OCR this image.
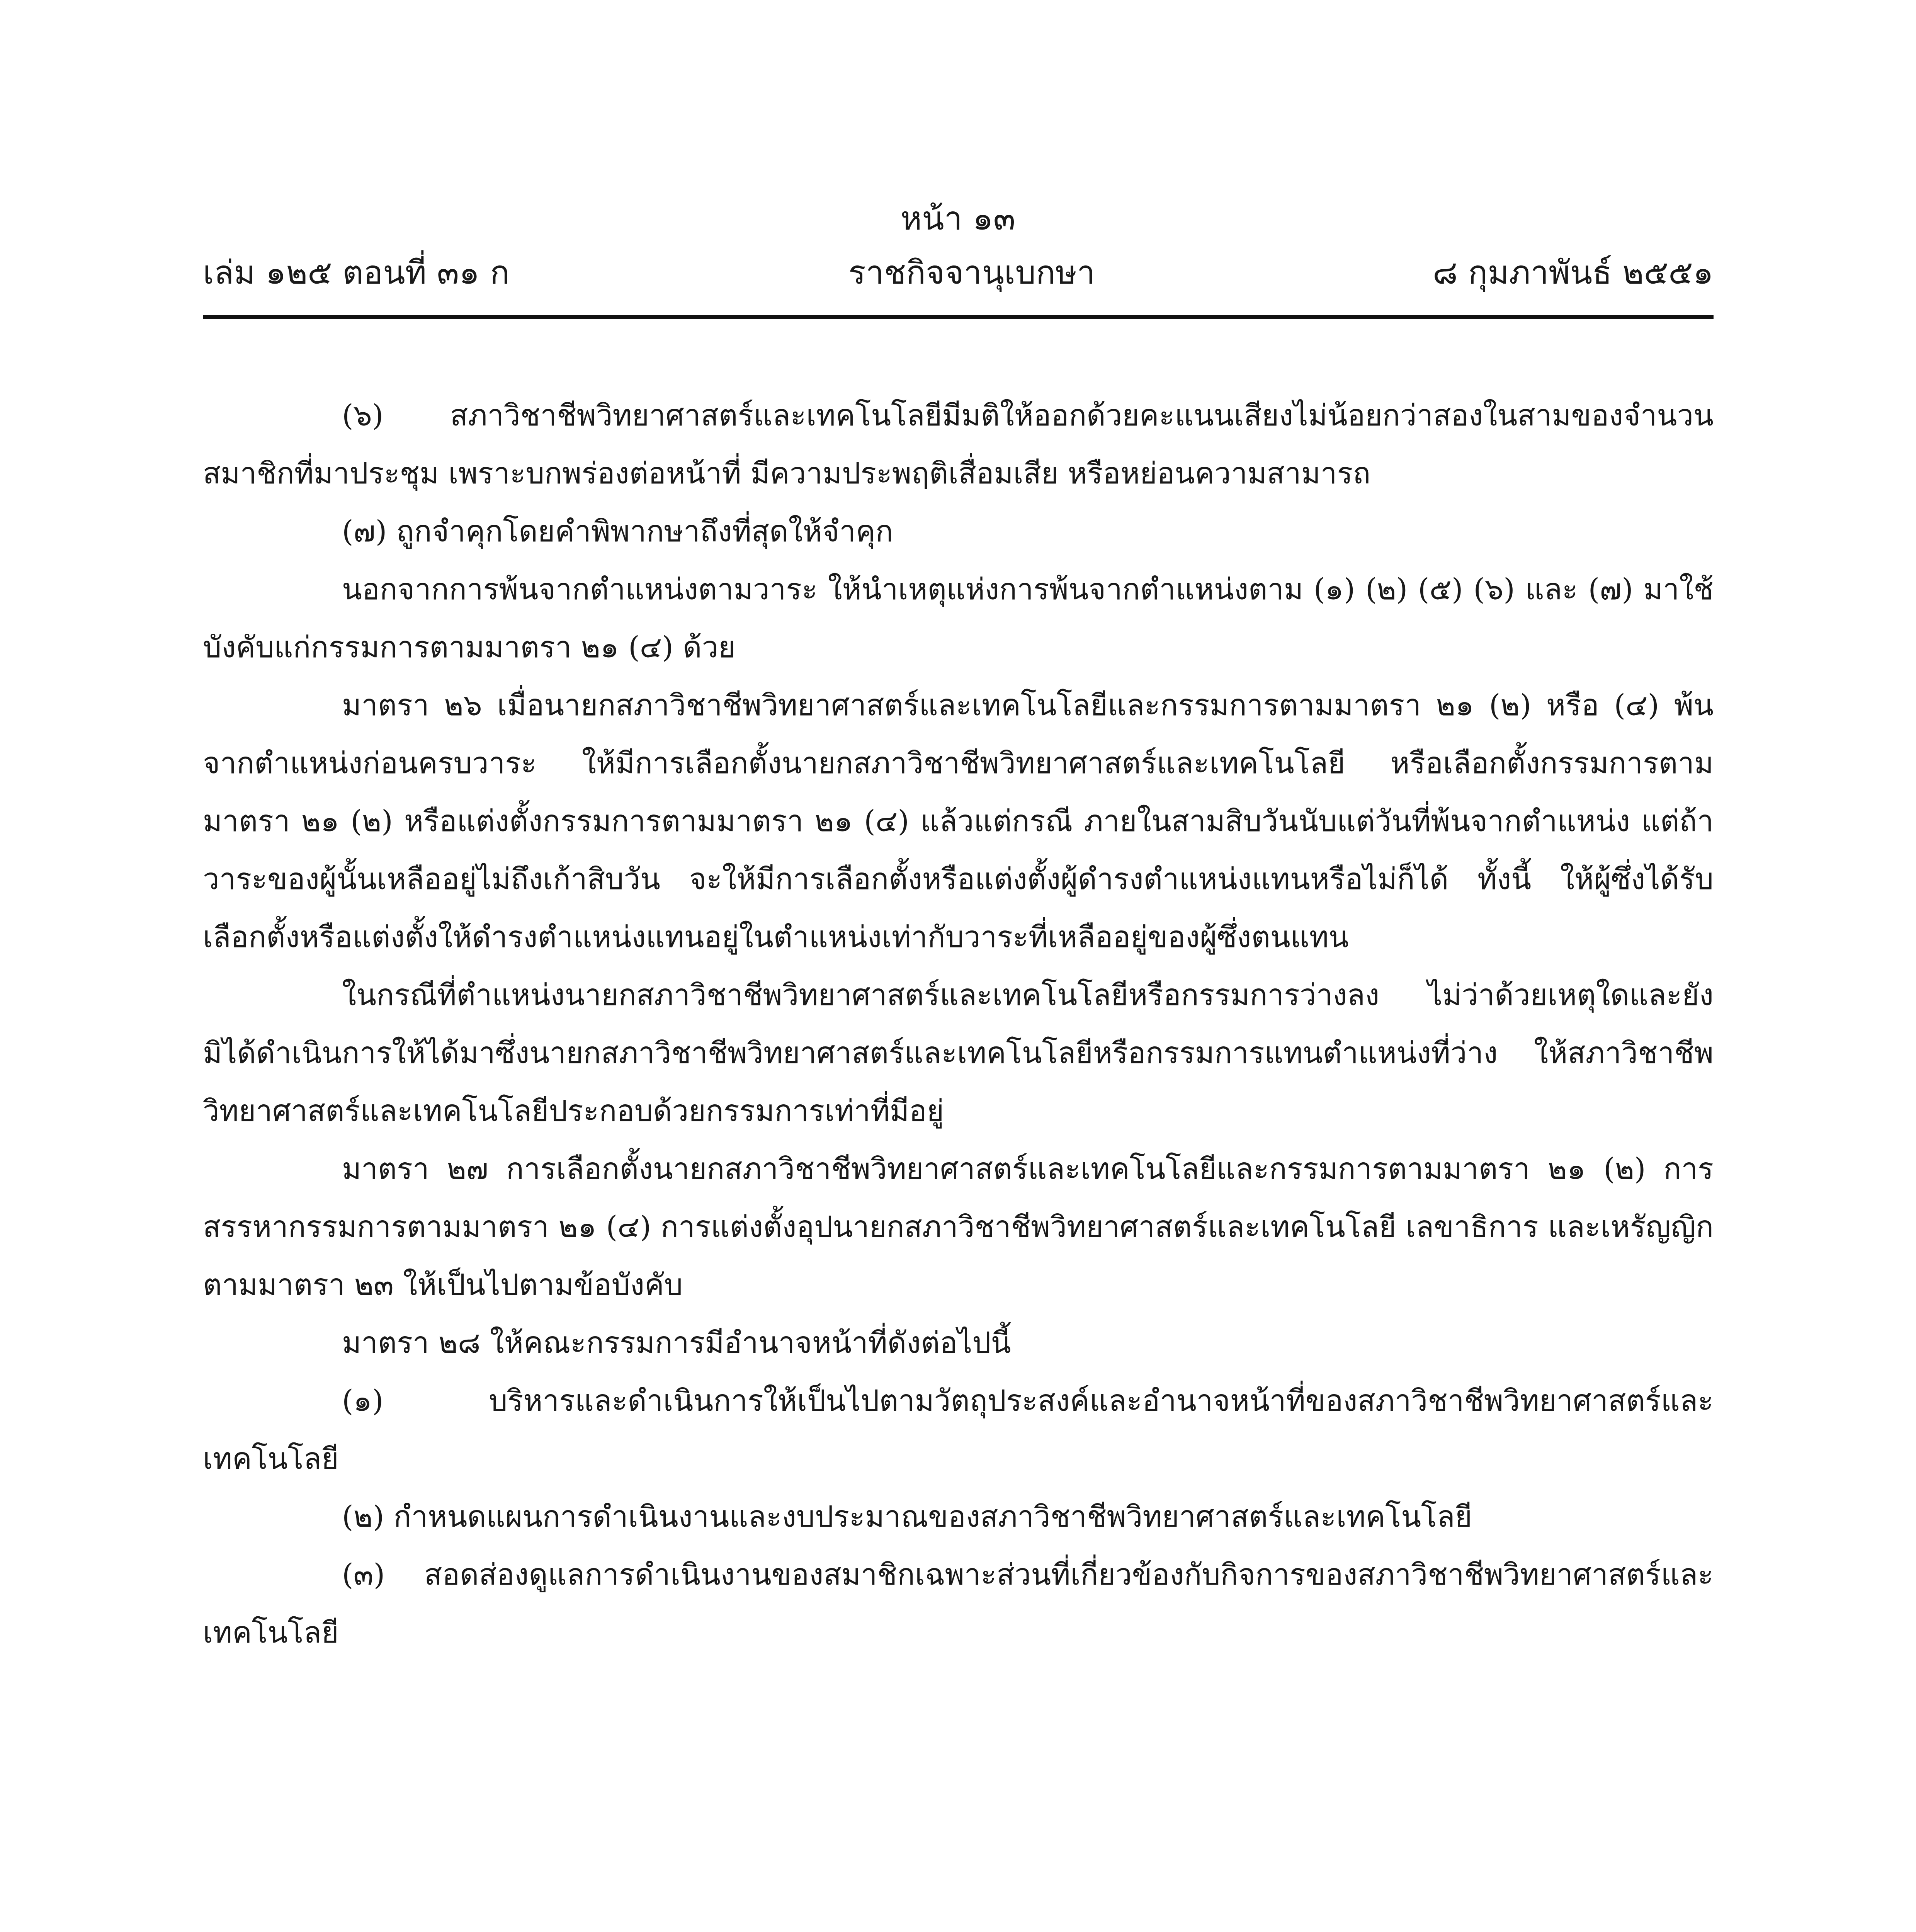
หน้า ๑๓
เล่ม ๑๒๕ ตอนที่ ๓๑ ก	ราชกิจจานุเบกษา	๘ กุมภาพันธ์ ๒๕๕๑

(๖) สภาวิชาชีพวิทยาศาสตร์และเทคโนโลยีมีมติให้ออกด้วยคะแนนเสียงไม่น้อยกว่าสองในสามของจำนวนสมาชิกที่มาประชุม เพราะบกพร่องต่อหน้าที่ มีความประพฤติเสื่อมเสีย หรือหย่อนความสามารถ

(๗) ถูกจำคุกโดยคำพิพากษาถึงที่สุดให้จำคุก

นอกจากการพ้นจากตำแหน่งตามวาระ ให้นำเหตุแห่งการพ้นจากตำแหน่งตาม (๑) (๒) (๕) (๖) และ (๗) มาใช้บังคับแก่กรรมการตามมาตรา ๒๑ (๔) ด้วย

มาตรา ๒๖ เมื่อนายกสภาวิชาชีพวิทยาศาสตร์และเทคโนโลยีและกรรมการตามมาตรา ๒๑ (๒) หรือ (๔) พ้นจากตำแหน่งก่อนครบวาระ ให้มีการเลือกตั้งนายกสภาวิชาชีพวิทยาศาสตร์และเทคโนโลยี หรือเลือกตั้งกรรมการตามมาตรา ๒๑ (๒) หรือแต่งตั้งกรรมการตามมาตรา ๒๑ (๔) แล้วแต่กรณี ภายในสามสิบวันนับแต่วันที่พ้นจากตำแหน่ง แต่ถ้าวาระของผู้นั้นเหลืออยู่ไม่ถึงเก้าสิบวัน จะให้มีการเลือกตั้งหรือแต่งตั้งผู้ดำรงตำแหน่งแทนหรือไม่ก็ได้ ทั้งนี้ ให้ผู้ซึ่งได้รับเลือกตั้งหรือแต่งตั้งให้ดำรงตำแหน่งแทนอยู่ในตำแหน่งเท่ากับวาระที่เหลืออยู่ของผู้ซึ่งตนแทน

ในกรณีที่ตำแหน่งนายกสภาวิชาชีพวิทยาศาสตร์และเทคโนโลยีหรือกรรมการว่างลง ไม่ว่าด้วยเหตุใดและยังมิได้ดำเนินการให้ได้มาซึ่งนายกสภาวิชาชีพวิทยาศาสตร์และเทคโนโลยีหรือกรรมการแทนตำแหน่งที่ว่าง ให้สภาวิชาชีพวิทยาศาสตร์และเทคโนโลยีประกอบด้วยกรรมการเท่าที่มีอยู่

มาตรา ๒๗ การเลือกตั้งนายกสภาวิชาชีพวิทยาศาสตร์และเทคโนโลยีและกรรมการตามมาตรา ๒๑ (๒) การสรรหากรรมการตามมาตรา ๒๑ (๔) การแต่งตั้งอุปนายกสภาวิชาชีพวิทยาศาสตร์และเทคโนโลยี เลขาธิการ และเหรัญญิกตามมาตรา ๒๓ ให้เป็นไปตามข้อบังคับ

มาตรา ๒๘ ให้คณะกรรมการมีอำนาจหน้าที่ดังต่อไปนี้

(๑) บริหารและดำเนินการให้เป็นไปตามวัตถุประสงค์และอำนาจหน้าที่ของสภาวิชาชีพวิทยาศาสตร์และเทคโนโลยี

(๒) กำหนดแผนการดำเนินงานและงบประมาณของสภาวิชาชีพวิทยาศาสตร์และเทคโนโลยี

(๓) สอดส่องดูแลการดำเนินงานของสมาชิกเฉพาะส่วนที่เกี่ยวข้องกับกิจการของสภาวิชาชีพวิทยาศาสตร์และเทคโนโลยี
